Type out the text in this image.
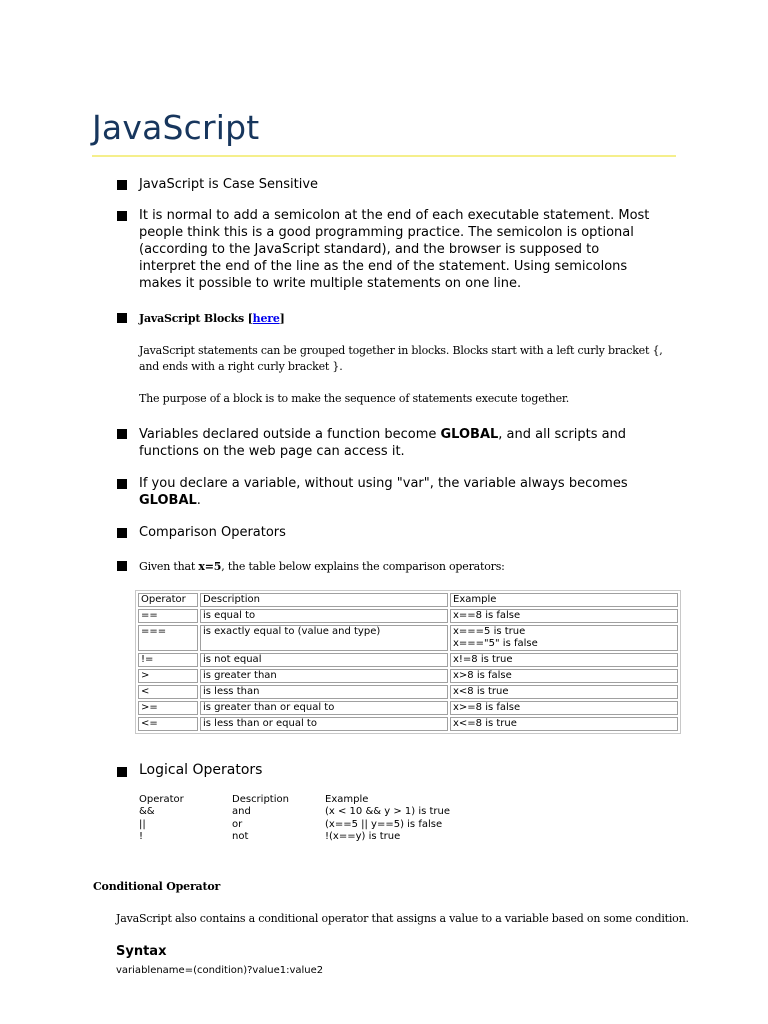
JavaScript
JavaScript is Case Sensitive
It is normal to add a semicolon at the end of each executable statement. Most people think this is a good programming practice. The semicolon is optional (according to the JavaScript standard), and the browser is supposed to interpret the end of the line as the end of the statement. Using semicolons makes it possible to write multiple statements on one line.
JavaScript Blocks [here]
JavaScript statements can be grouped together in blocks. Blocks start with a left curly bracket {, and ends with a right curly bracket }.
The purpose of a block is to make the sequence of statements execute together.
Variables declared outside a function become GLOBAL, and all scripts and functions on the web page can access it.
If you declare a variable, without using "var", the variable always becomes GLOBAL.
Comparison Operators
Given that x=5, the table below explains the comparison operators:
Operator	Description	Example
==	is equal to	x==8 is false
===	is exactly equal to (value and type)	x===5 is true
x==="5" is false

!=	is not equal	x!=8 is true
>	is greater than	x>8 is false
<	is less than	x<8 is true
>=	is greater than or equal to	x>=8 is false
<=	is less than or equal to	x<=8 is true
Logical Operators
Operator	Description	Example
&&	and	(x < 10 && y > 1) is true
||	or	(x==5 || y==5) is false
!	not	!(x==y) is true
Conditional Operator
JavaScript also contains a conditional operator that assigns a value to a variable based on some condition.
Syntax
variablename=(condition)?value1:value2
